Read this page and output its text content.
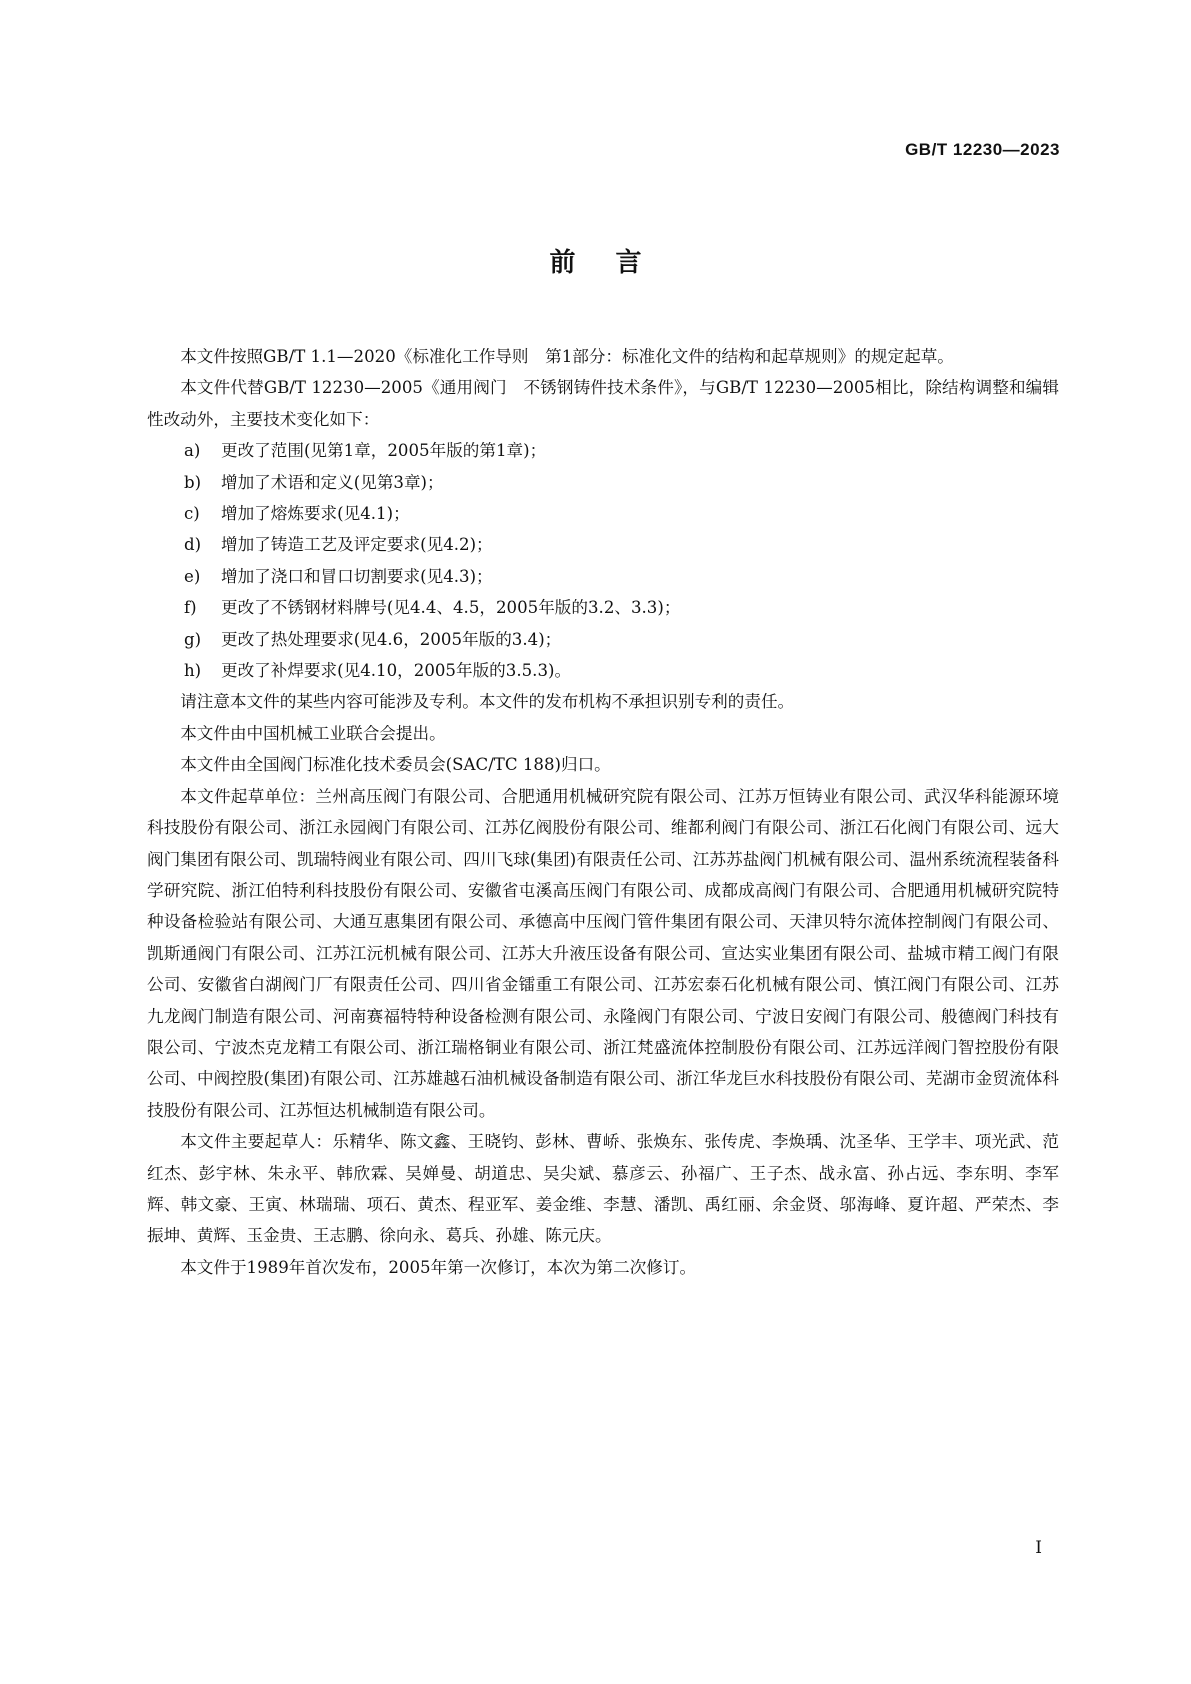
GB/T 12230—2023
前言

本文件按照GB/T 1.1—2020《标准化工作导则　第1部分：标准化文件的结构和起草规则》的规定起草。

本文件代替GB/T 12230—2005《通用阀门　不锈钢铸件技术条件》，与GB/T 12230—2005相比，除结构调整和编辑性改动外，主要技术变化如下：

a) 更改了范围(见第1章，2005年版的第1章)；
b) 增加了术语和定义(见第3章)；
c) 增加了熔炼要求(见4.1)；
d) 增加了铸造工艺及评定要求(见4.2)；
e) 增加了浇口和冒口切割要求(见4.3)；
f) 更改了不锈钢材料牌号(见4.4、4.5，2005年版的3.2、3.3)；
g) 更改了热处理要求(见4.6，2005年版的3.4)；
h) 更改了补焊要求(见4.10，2005年版的3.5.3)。

请注意本文件的某些内容可能涉及专利。本文件的发布机构不承担识别专利的责任。

本文件由中国机械工业联合会提出。

本文件由全国阀门标准化技术委员会(SAC/TC 188)归口。

本文件起草单位：兰州高压阀门有限公司、合肥通用机械研究院有限公司、江苏万恒铸业有限公司、武汉华科能源环境科技股份有限公司、浙江永园阀门有限公司、江苏亿阀股份有限公司、维都利阀门有限公司、浙江石化阀门有限公司、远大阀门集团有限公司、凯瑞特阀业有限公司、四川飞球(集团)有限责任公司、江苏苏盐阀门机械有限公司、温州系统流程装备科学研究院、浙江伯特利科技股份有限公司、安徽省屯溪高压阀门有限公司、成都成高阀门有限公司、合肥通用机械研究院特种设备检验站有限公司、大通互惠集团有限公司、承德高中压阀门管件集团有限公司、天津贝特尔流体控制阀门有限公司、凯斯通阀门有限公司、江苏江沅机械有限公司、江苏大升液压设备有限公司、宣达实业集团有限公司、盐城市精工阀门有限公司、安徽省白湖阀门厂有限责任公司、四川省金镭重工有限公司、江苏宏泰石化机械有限公司、慎江阀门有限公司、江苏九龙阀门制造有限公司、河南赛福特特种设备检测有限公司、永隆阀门有限公司、宁波日安阀门有限公司、般德阀门科技有限公司、宁波杰克龙精工有限公司、浙江瑞格铜业有限公司、浙江梵盛流体控制股份有限公司、江苏远洋阀门智控股份有限公司、中阀控股(集团)有限公司、江苏雄越石油机械设备制造有限公司、浙江华龙巨水科技股份有限公司、芜湖市金贸流体科技股份有限公司、江苏恒达机械制造有限公司。

本文件主要起草人：乐精华、陈文鑫、王晓钧、彭林、曹峤、张焕东、张传虎、李焕瑀、沈圣华、王学丰、项光武、范红杰、彭宇林、朱永平、韩欣霖、吴婵曼、胡道忠、吴尖斌、慕彦云、孙福广、王子杰、战永富、孙占远、李东明、李军辉、韩文豪、王寅、林瑞瑞、项石、黄杰、程亚军、姜金维、李慧、潘凯、禹红丽、余金贤、邬海峰、夏许超、严荣杰、李振坤、黄辉、玉金贵、王志鹏、徐向永、葛兵、孙雄、陈元庆。

本文件于1989年首次发布，2005年第一次修订，本次为第二次修订。

I
